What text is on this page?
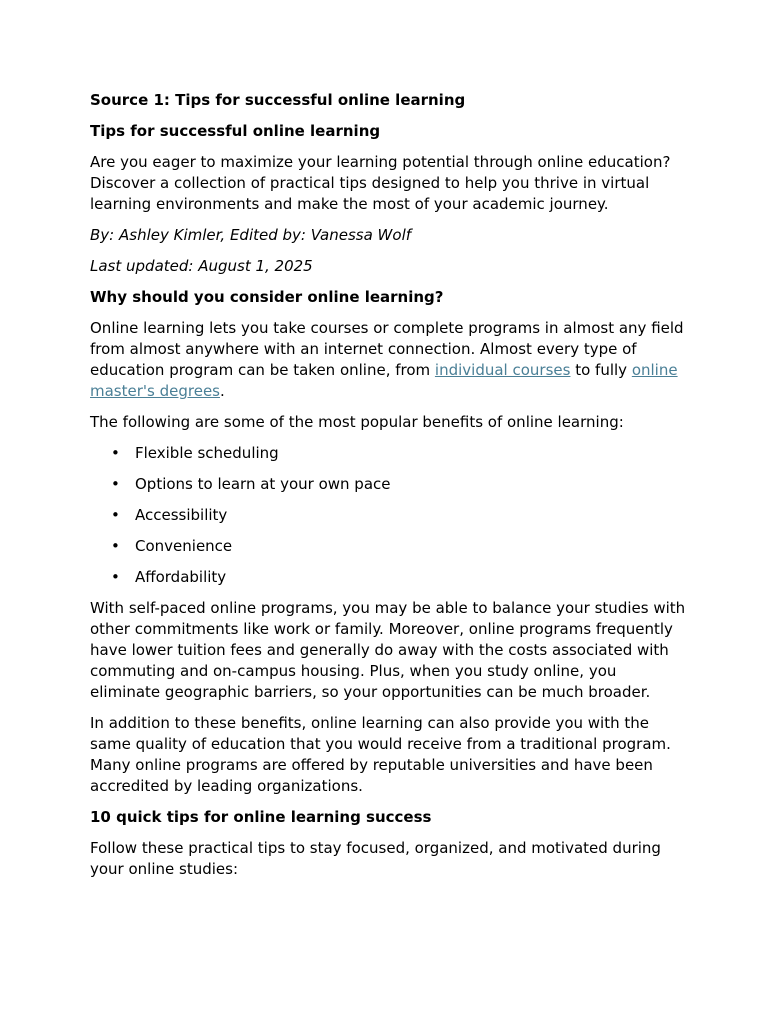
Source 1: Tips for successful online learning

Tips for successful online learning

Are you eager to maximize your learning potential through online education? Discover a collection of practical tips designed to help you thrive in virtual learning environments and make the most of your academic journey.

By: Ashley Kimler, Edited by: Vanessa Wolf

Last updated: August 1, 2025

Why should you consider online learning?

Online learning lets you take courses or complete programs in almost any field from almost anywhere with an internet connection. Almost every type of education program can be taken online, from individual courses to fully online master's degrees.

The following are some of the most popular benefits of online learning:

• Flexible scheduling
• Options to learn at your own pace
• Accessibility
• Convenience
• Affordability

With self-paced online programs, you may be able to balance your studies with other commitments like work or family. Moreover, online programs frequently have lower tuition fees and generally do away with the costs associated with commuting and on-campus housing. Plus, when you study online, you eliminate geographic barriers, so your opportunities can be much broader.

In addition to these benefits, online learning can also provide you with the same quality of education that you would receive from a traditional program. Many online programs are offered by reputable universities and have been accredited by leading organizations.

10 quick tips for online learning success

Follow these practical tips to stay focused, organized, and motivated during your online studies:
